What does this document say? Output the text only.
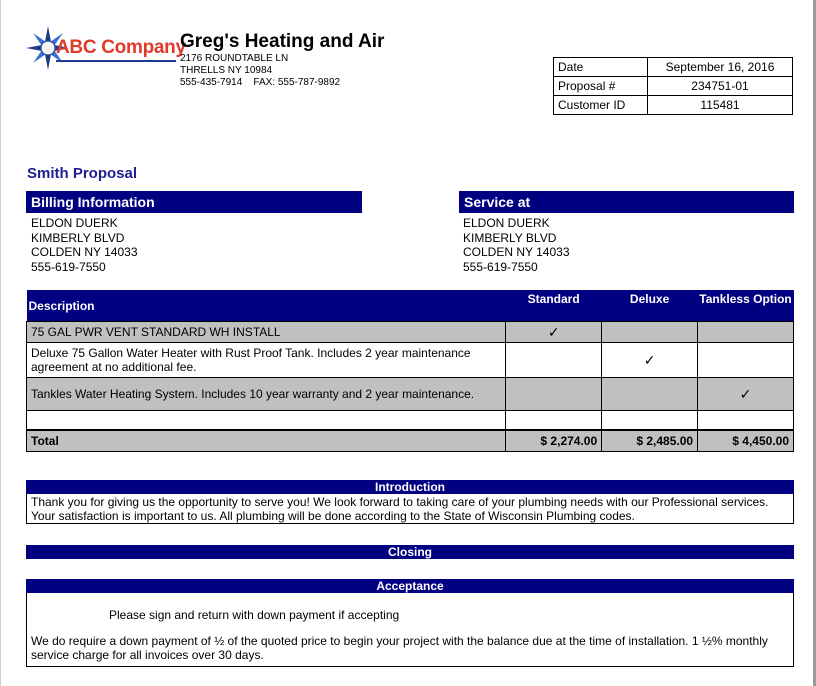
ABC Company
Greg's Heating and Air
2176 ROUNDTABLE LN
THRELLS NY 10984
555-435-7914    FAX: 555-787-9892
Date	September 16, 2016
Proposal #	234751-01
Customer ID	115481
Smith Proposal
Billing Information
ELDON DUERK
KIMBERLY BLVD
COLDEN NY 14033
555-619-7550
Service at
ELDON DUERK
KIMBERLY BLVD
COLDEN NY 14033
555-619-7550
Description	Standard	Deluxe	Tankless Option
75 GAL PWR VENT STANDARD WH INSTALL	✓		
Deluxe 75 Gallon Water Heater with Rust Proof Tank. Includes 2 year maintenance agreement at no additional fee.		✓	
Tankles Water Heating System. Includes 10 year warranty and 2 year maintenance.			✓

Total	$ 2,274.00	$ 2,485.00	$ 4,450.00
Introduction
Thank you for giving us the opportunity to serve you! We look forward to taking care of your plumbing needs with our Professional services.
Your satisfaction is important to us. All plumbing will be done according to the State of Wisconsin Plumbing codes.
Closing
Acceptance
Please sign and return with down payment if accepting
We do require a down payment of ½ of the quoted price to begin your project with the balance due at the time of installation. 1 ½% monthly
service charge for all invoices over 30 days.
